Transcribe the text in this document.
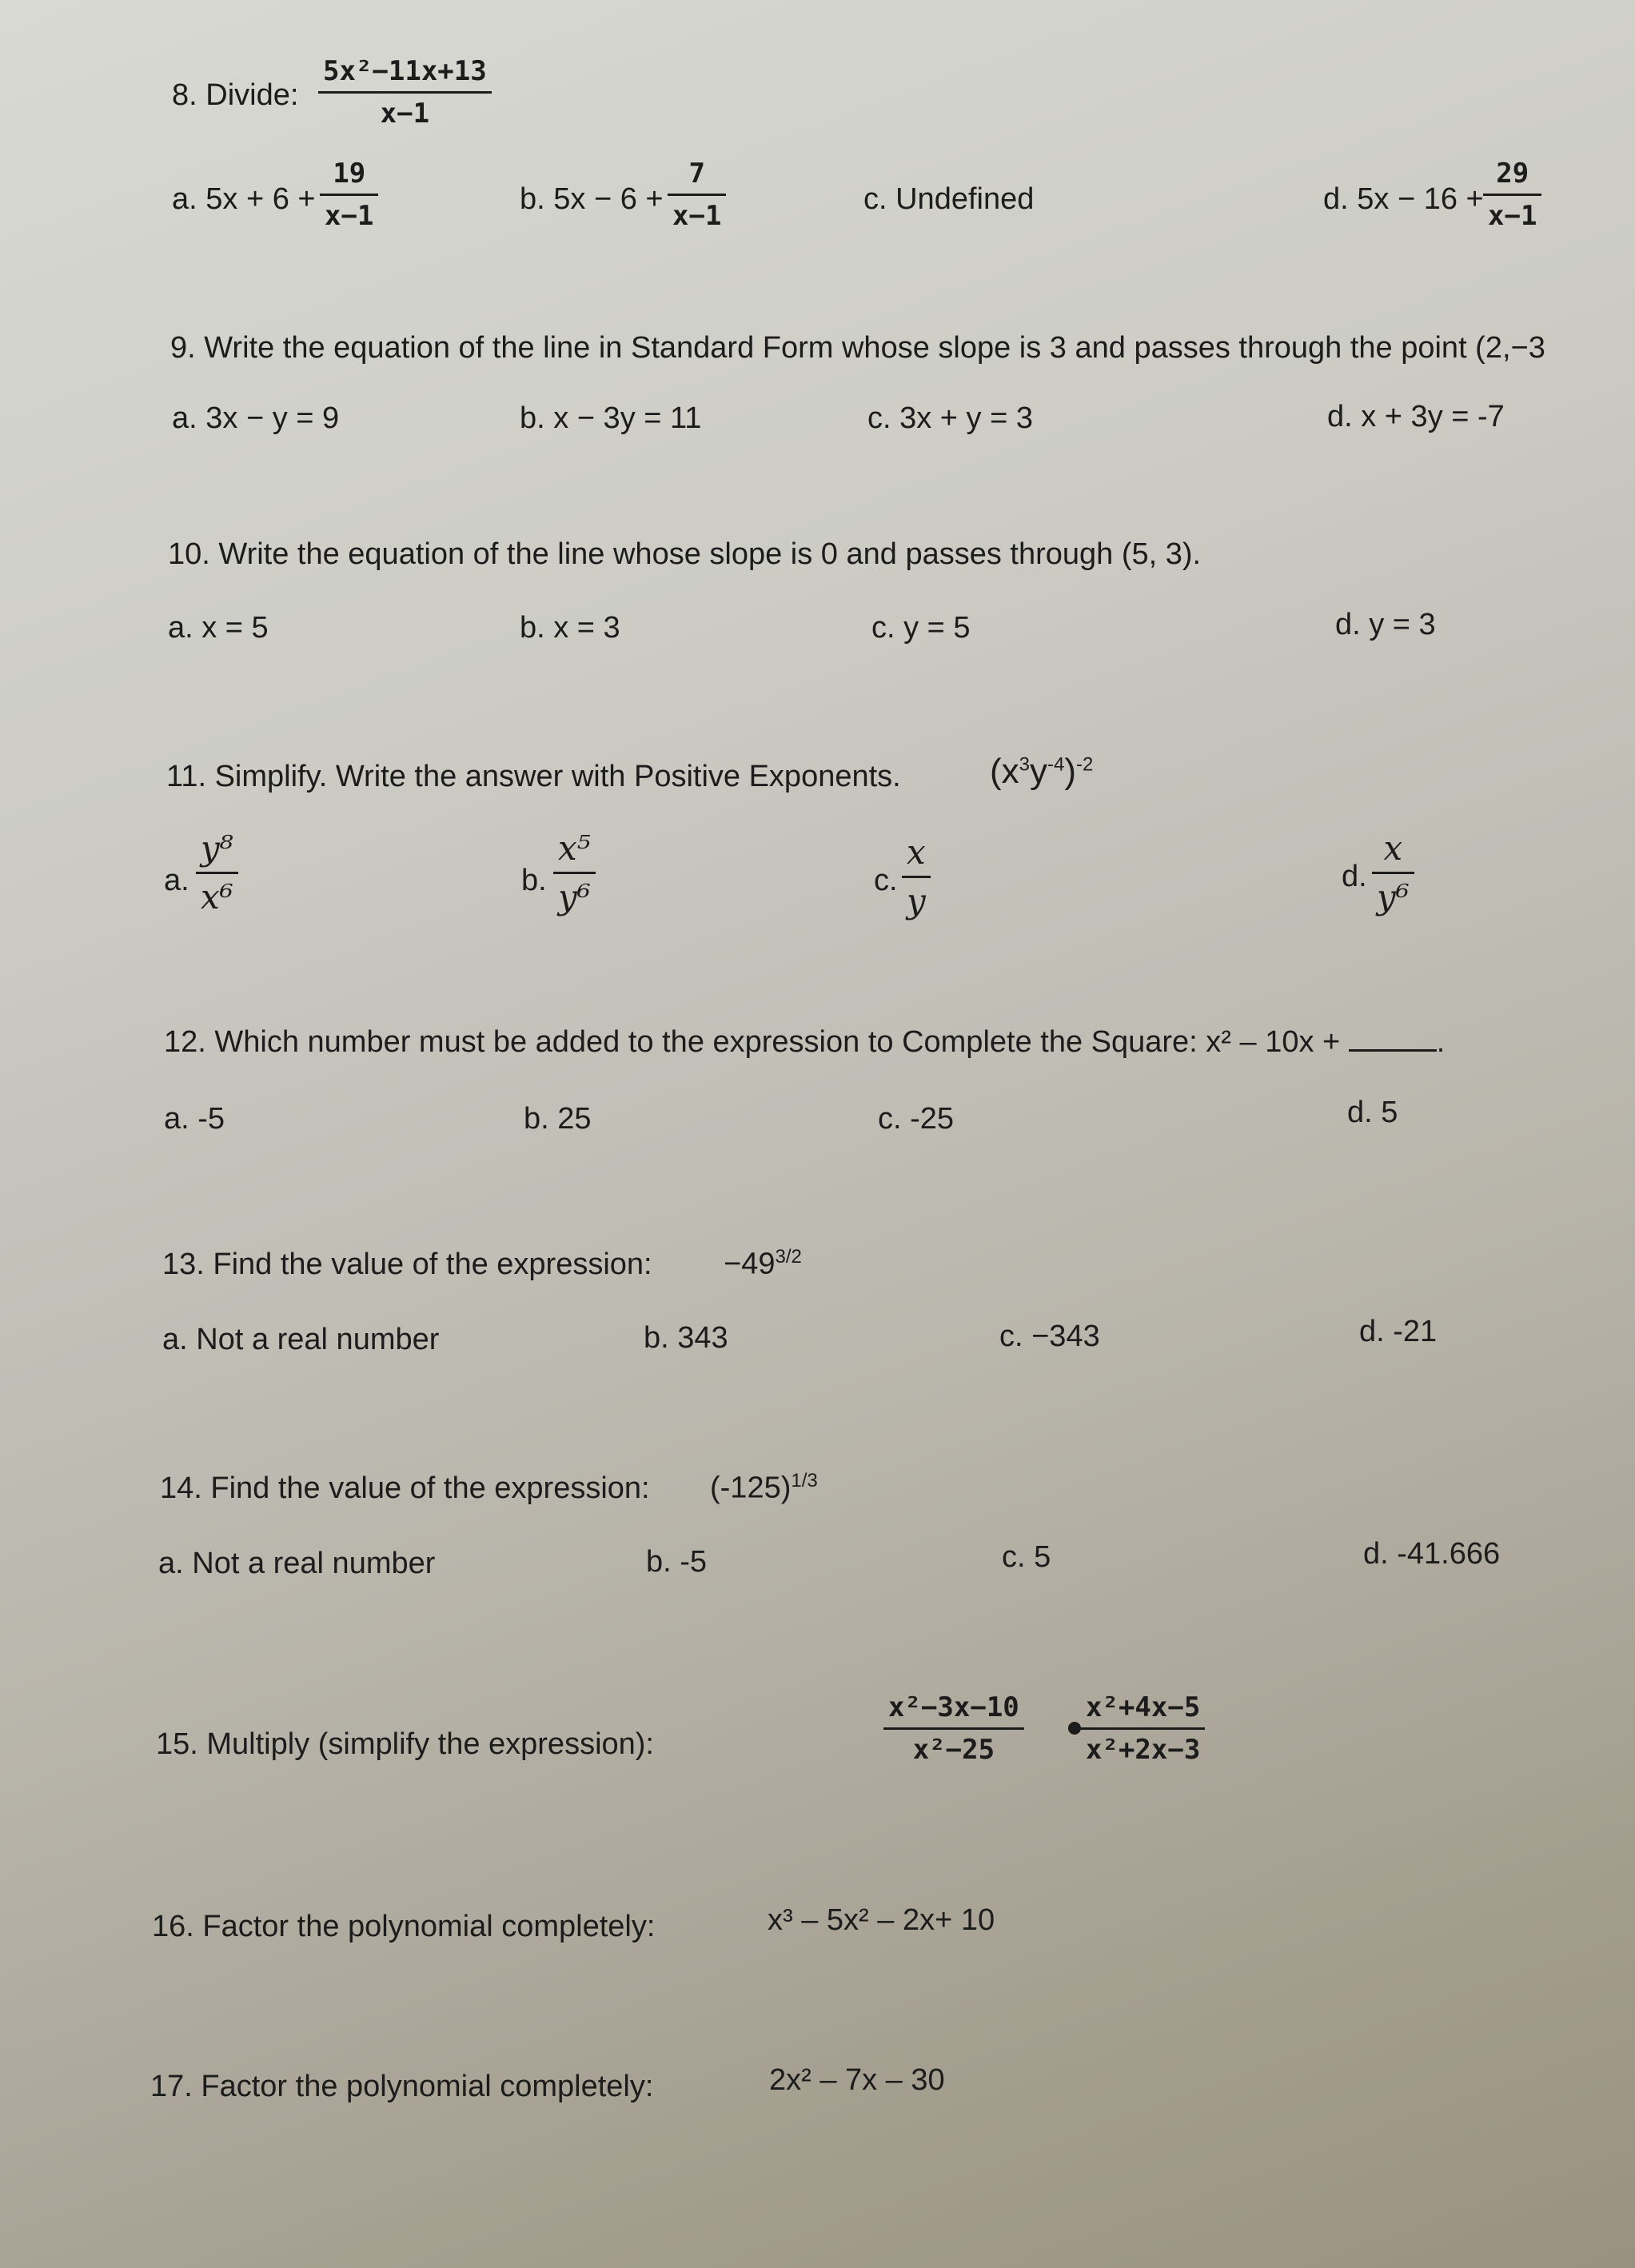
8. Divide:
5x²−11x+13
x−1
a. 5x + 6 +
19
x−1	b. 5x − 6 +
7
x−1	c. Undefined	d. 5x − 16 +
29
x−1
9. Write the equation of the line in Standard Form whose slope is 3 and passes through the point (2,−3
a. 3x − y = 9	b. x − 3y = 11	c. 3x + y = 3	d. x + 3y = -7
10. Write the equation of the line whose slope is 0 and passes through (5, 3).
a. x = 5	b. x = 3	c. y = 5	d. y = 3
11. Simplify. Write the answer with Positive Exponents.	$(x^3y^{-4})^{-2}$
a.
y⁸
x⁶	b.
x⁵
y⁶	c.
x
y
d.
x
y⁶
12. Which number must be added to the expression to Complete the Square: x² – 10x +	.
a. -5	b. 25	c. -25	d. 5
13. Find the value of the expression: $-49^{3/2}$
a. Not a real number	b. 343	c. −343	d. -21
14. Find the value of the expression: $(-125)^{1/3}$
a. Not a real number	b. -5	c. 5	d. -41.666
15. Multiply (simplify the expression):
x²−3x−10
x²−25
x²+4x−5
x²+2x−3
16. Factor the polynomial completely:	x³ – 5x² – 2x+ 10
17. Factor the polynomial completely:	2x² – 7x – 30
